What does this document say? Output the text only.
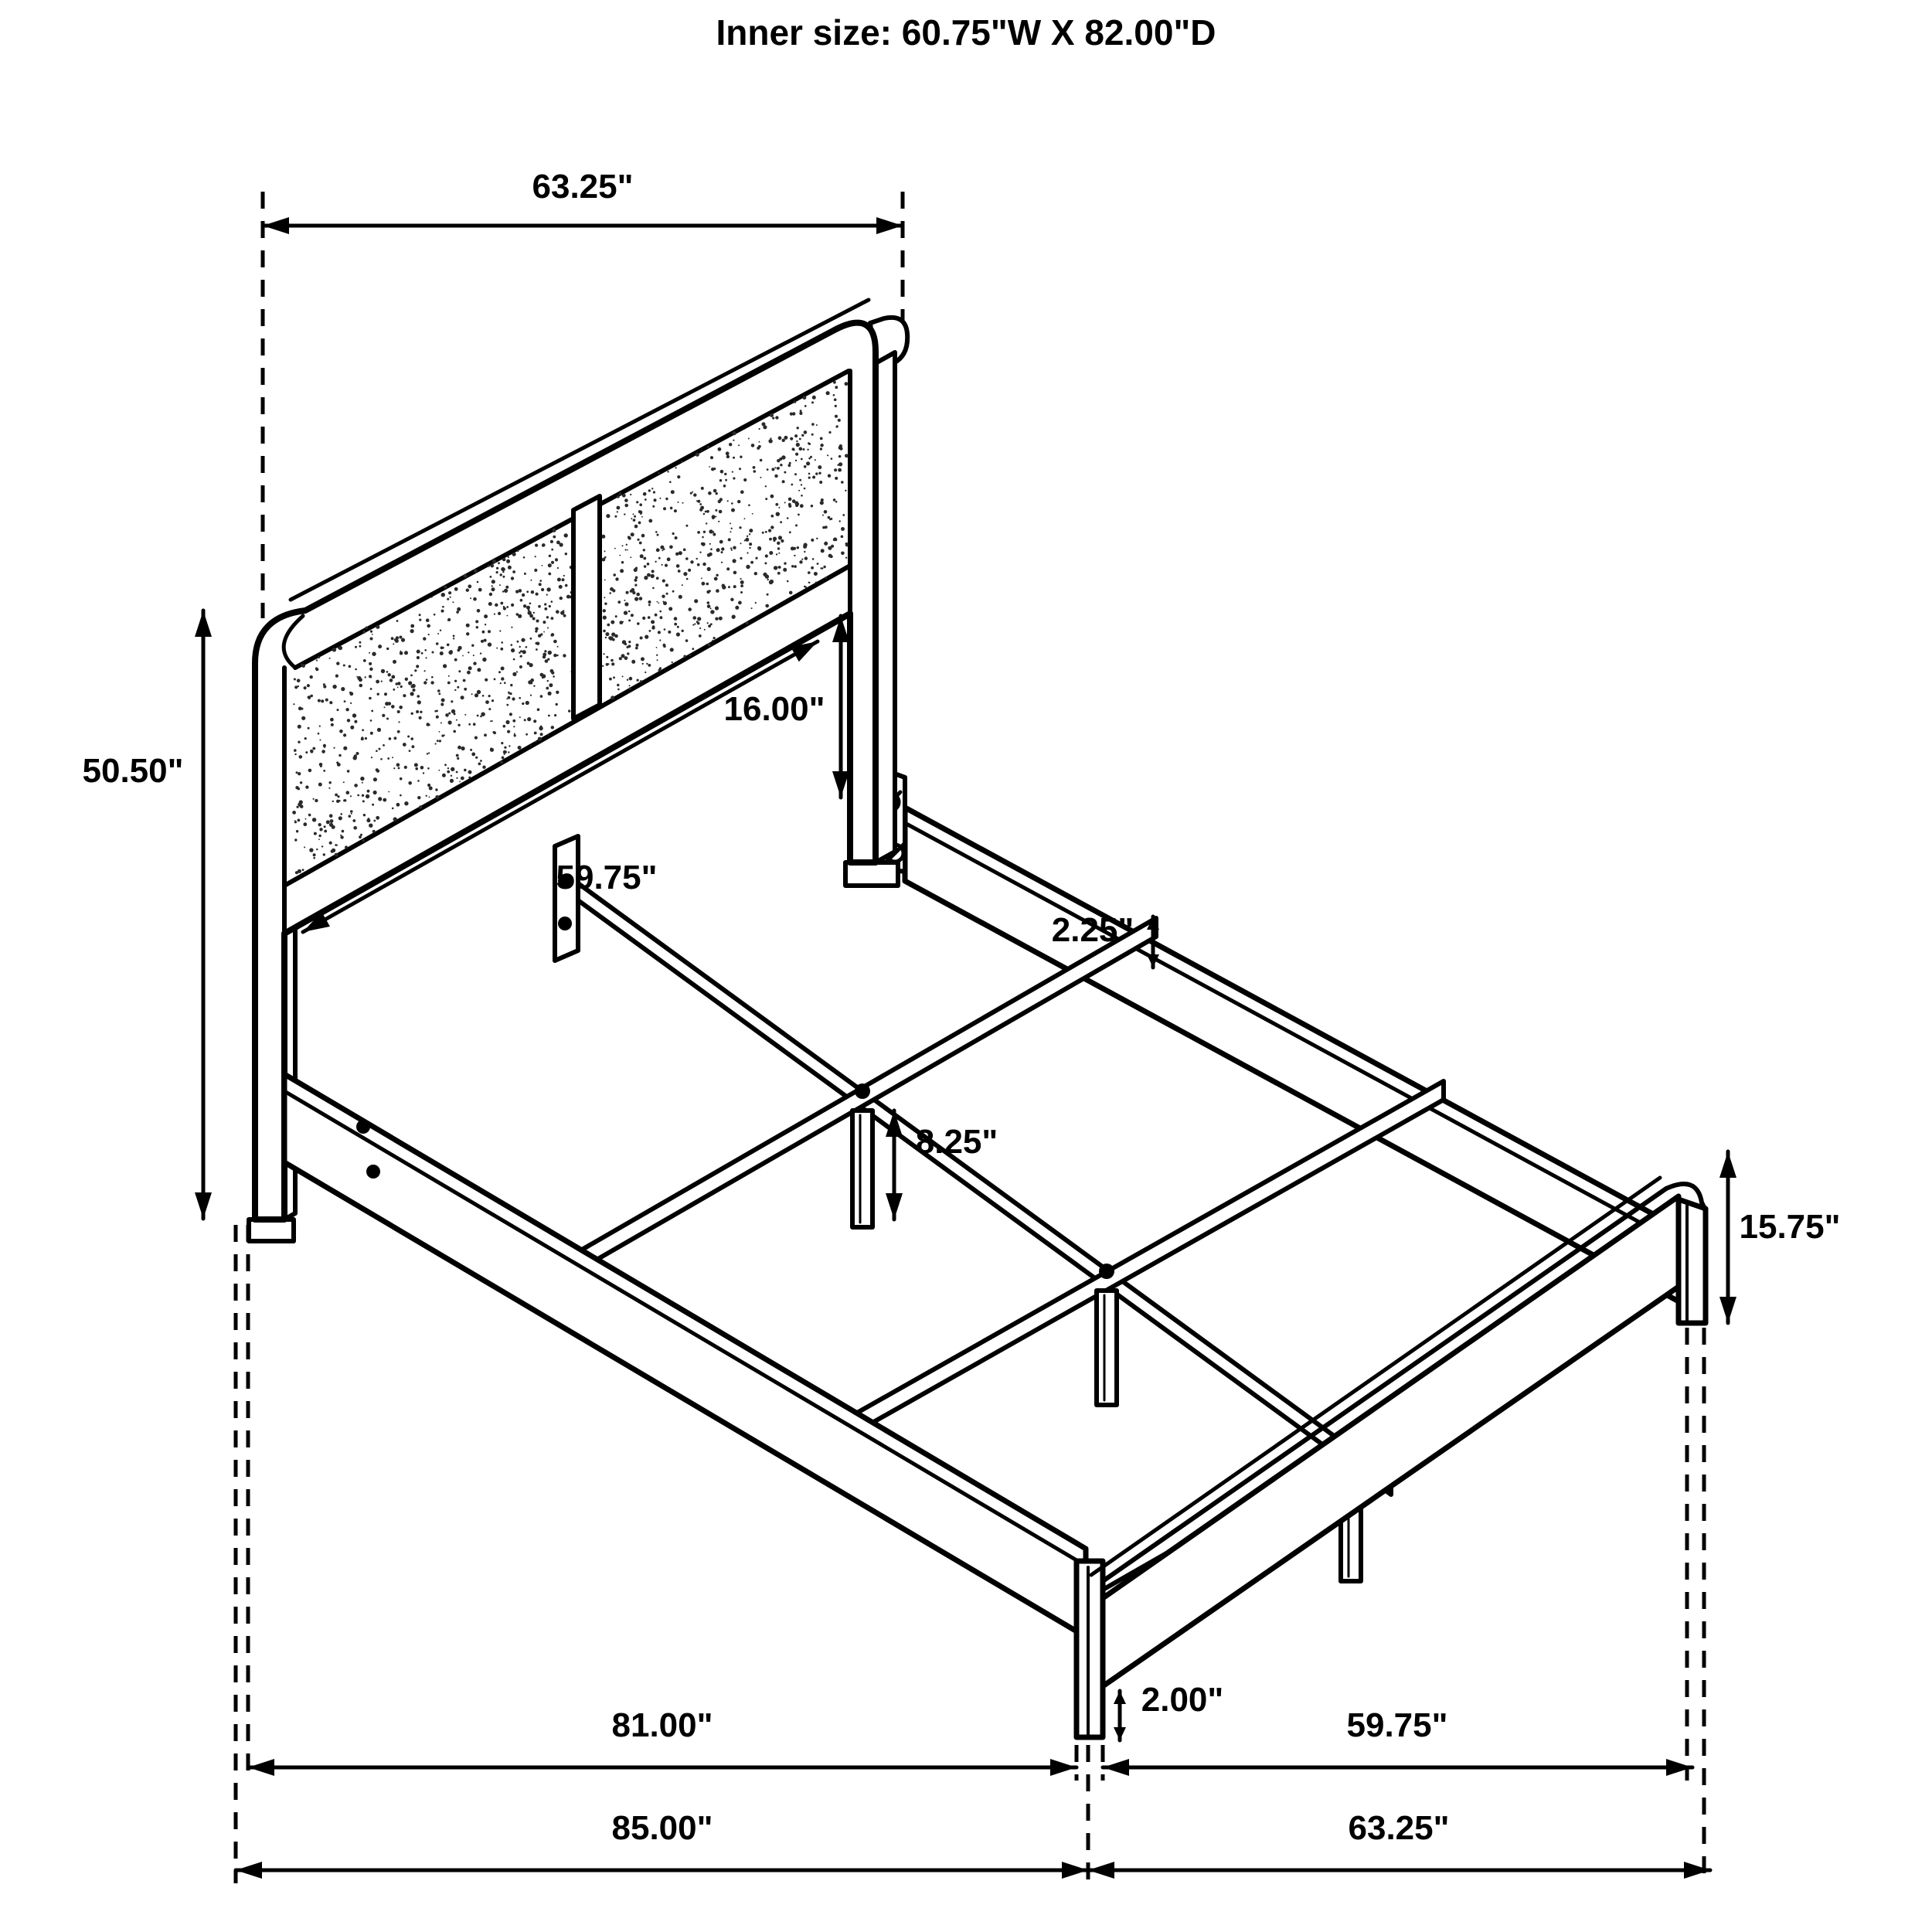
Inner size: 60.75"W X 82.00"D
63.25"
50.50"
16.00"
59.75"
2.25"
8.25"
15.75"
2.00"
81.00"	59.75"
85.00"	63.25"
